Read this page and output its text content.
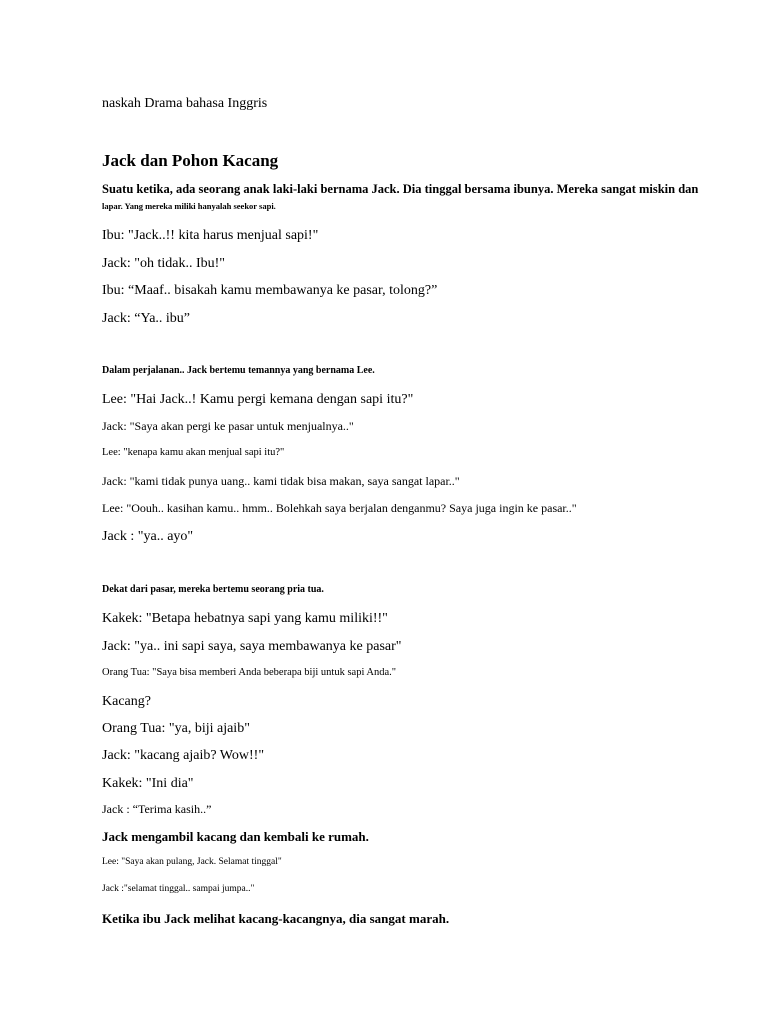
naskah Drama bahasa Inggris
Jack dan Pohon Kacang
Suatu ketika, ada seorang anak laki-laki bernama Jack. Dia tinggal bersama ibunya. Mereka sangat miskin dan
lapar. Yang mereka miliki hanyalah seekor sapi.
Ibu: "Jack..!! kita harus menjual sapi!"
Jack: "oh tidak.. Ibu!"
Ibu: “Maaf.. bisakah kamu membawanya ke pasar, tolong?”
Jack: “Ya.. ibu”
Dalam perjalanan.. Jack bertemu temannya yang bernama Lee.
Lee: "Hai Jack..! Kamu pergi kemana dengan sapi itu?"
Jack: "Saya akan pergi ke pasar untuk menjualnya.."
Lee: "kenapa kamu akan menjual sapi itu?"
Jack: "kami tidak punya uang.. kami tidak bisa makan, saya sangat lapar.."
Lee: "Oouh.. kasihan kamu.. hmm.. Bolehkah saya berjalan denganmu? Saya juga ingin ke pasar.."
Jack : "ya.. ayo"
Dekat dari pasar, mereka bertemu seorang pria tua.
Kakek: "Betapa hebatnya sapi yang kamu miliki!!"
Jack: "ya.. ini sapi saya, saya membawanya ke pasar"
Orang Tua: "Saya bisa memberi Anda beberapa biji untuk sapi Anda."
Kacang?
Orang Tua: "ya, biji ajaib"
Jack: "kacang ajaib? Wow!!"
Kakek: "Ini dia"
Jack : “Terima kasih..”
Jack mengambil kacang dan kembali ke rumah.
Lee: "Saya akan pulang, Jack. Selamat tinggal"
Jack :"selamat tinggal.. sampai jumpa.."
Ketika ibu Jack melihat kacang-kacangnya, dia sangat marah.
